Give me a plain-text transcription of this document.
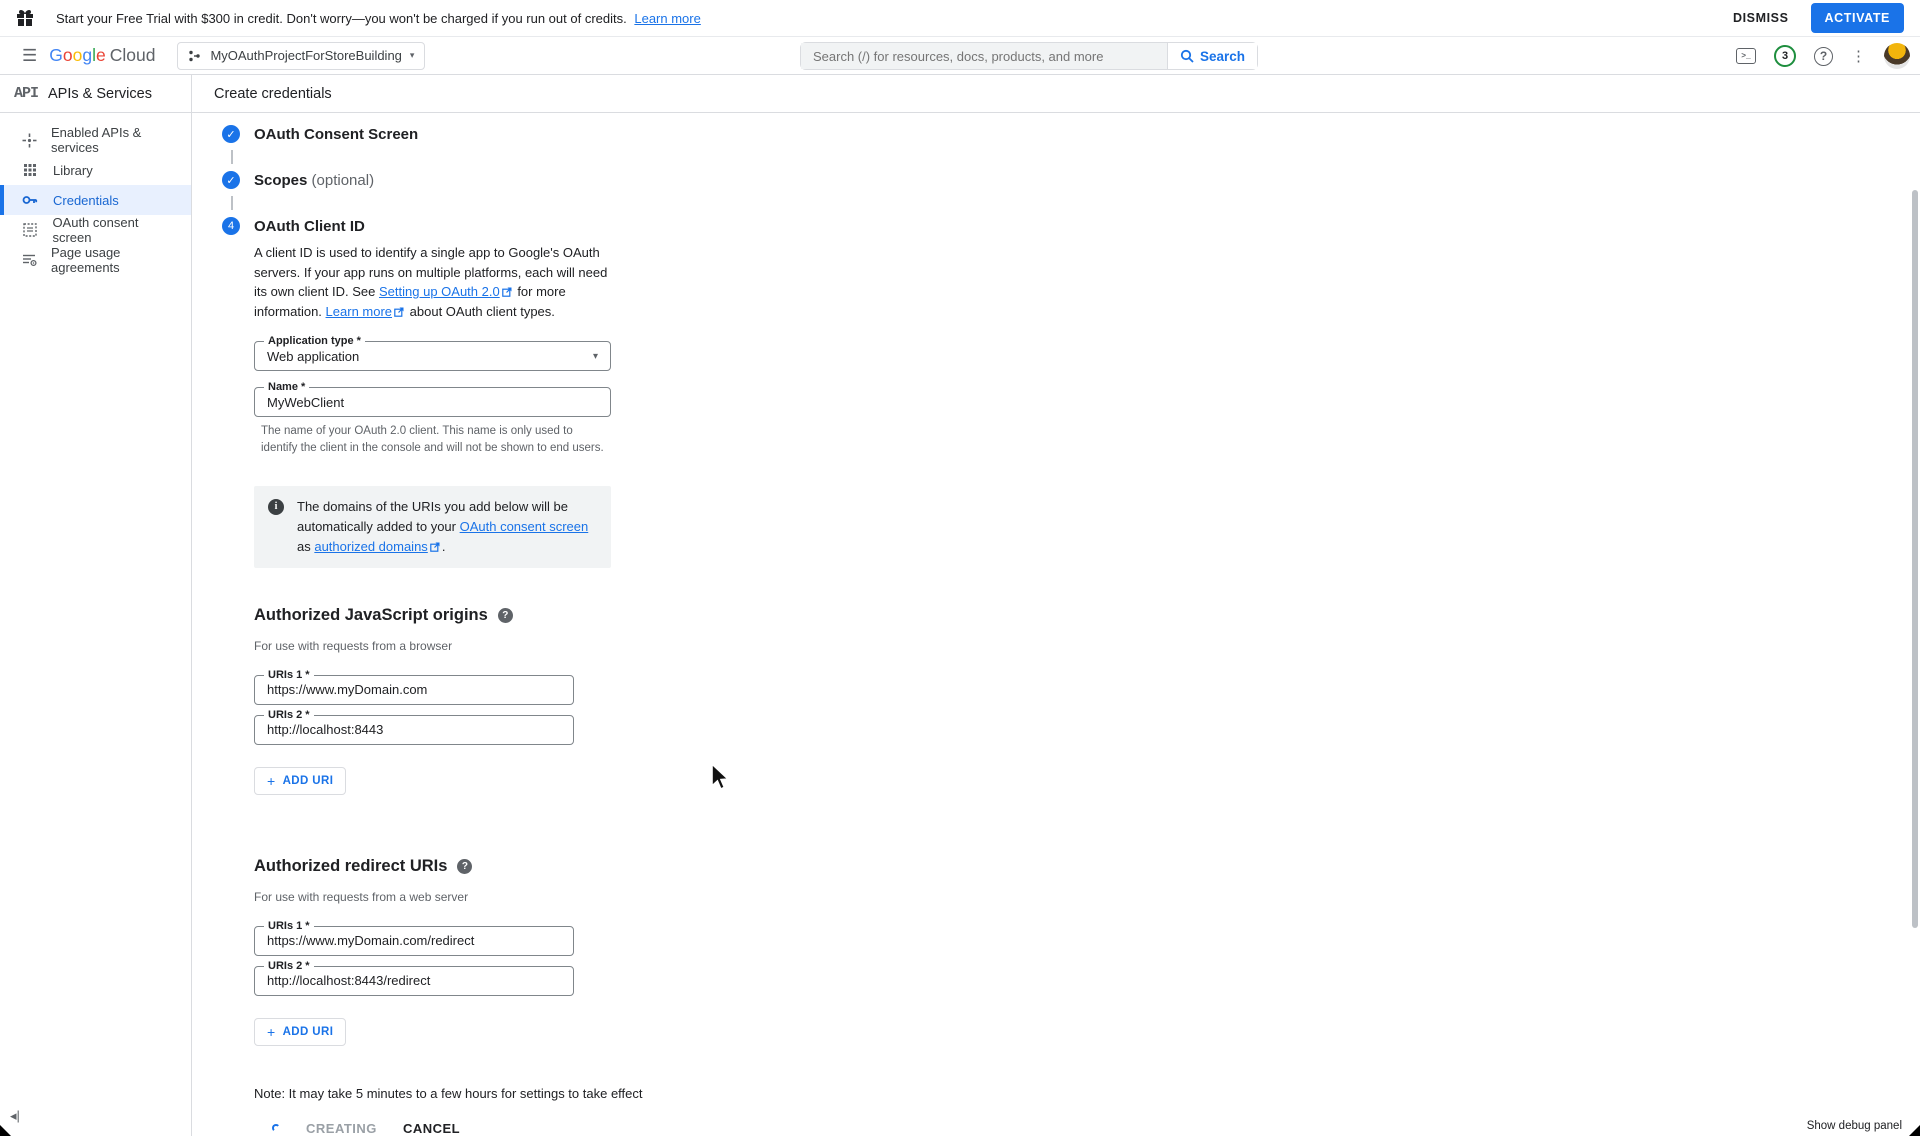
Start your Free Trial with $300 in credit. Don't worry—you won't be charged if you run out of credits. Learn more	DISMISS	ACTIVATE
☰ Google Cloud	MyOAuthProjectForStoreBuilding ▾
Search (/) for resources, docs, products, and more	Search	>_	3	?	⋮
API APIs & Services
Enabled APIs & services
Library
Credentials
OAuth consent screen
Page usage agreements
◂|
Create credentials
✓ OAuth Consent Screen
✓ Scopes (optional)
4	OAuth Client ID

A client ID is used to identify a single app to Google's OAuth servers. If your app runs on multiple platforms, each will need its own client ID. See Setting up OAuth 2.0 for more information. Learn more about OAuth client types.

Application type *
Web application
▾
Name *
MyWebClient

The name of your OAuth 2.0 client. This name is only used to identify the client in the console and will not be shown to end users.

i	The domains of the URIs you add below will be automatically added to your OAuth consent screen as authorized domains .
Authorized JavaScript origins	?

For use with requests from a browser

URIs 1 *
https://www.myDomain.com
URIs 2 *
http://localhost:8443
+ ADD URI
Authorized redirect URIs	?

For use with requests from a web server

URIs 1 *
https://www.myDomain.com/redirect
URIs 2 *
http://localhost:8443/redirect
+ ADD URI

Note: It may take 5 minutes to a few hours for settings to take effect

CREATING CANCEL	Show debug panel
